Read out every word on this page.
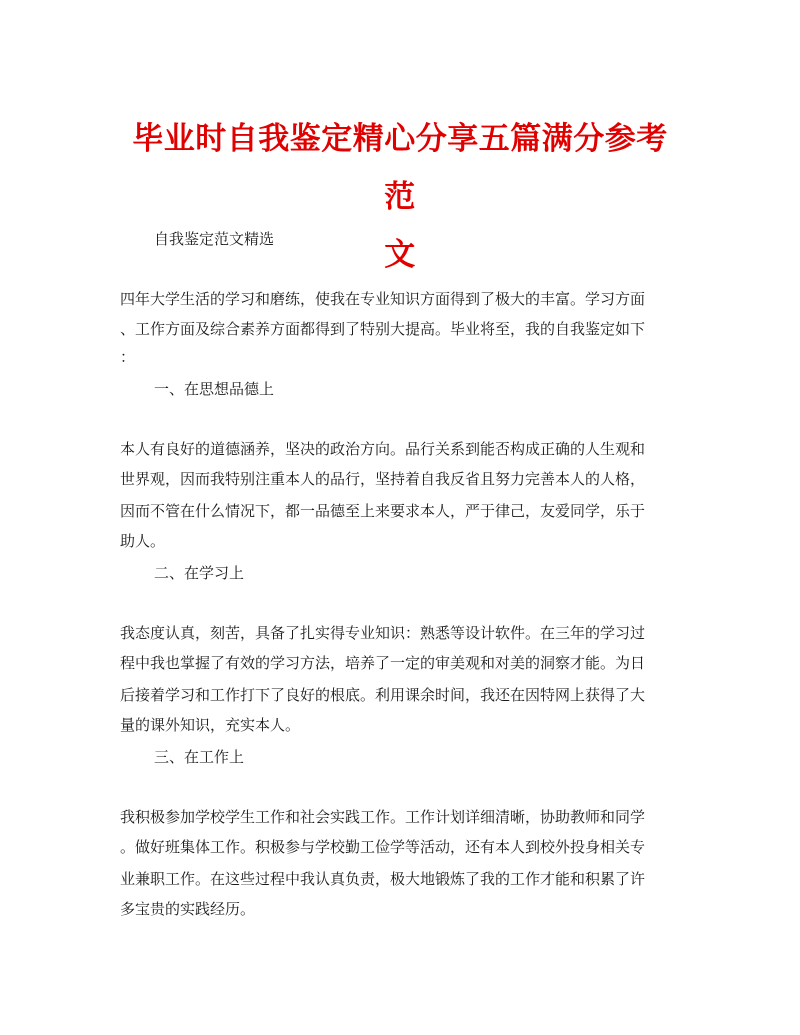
毕业时自我鉴定精心分享五篇满分参考范
文
自我鉴定范文精选
四年大学生活的学习和磨练，使我在专业知识方面得到了极大的丰富。学习方面
、工作方面及综合素养方面都得到了特别大提高。毕业将至，我的自我鉴定如下
：
一、在思想品德上
本人有良好的道德涵养，坚决的政治方向。品行关系到能否构成正确的人生观和
世界观，因而我特别注重本人的品行，坚持着自我反省且努力完善本人的人格，
因而不管在什么情况下，都一品德至上来要求本人，严于律己，友爱同学，乐于
助人。
二、在学习上
我态度认真，刻苦，具备了扎实得专业知识：熟悉等设计软件。在三年的学习过
程中我也掌握了有效的学习方法，培养了一定的审美观和对美的洞察才能。为日
后接着学习和工作打下了良好的根底。利用课余时间，我还在因特网上获得了大
量的课外知识，充实本人。
三、在工作上
我积极参加学校学生工作和社会实践工作。工作计划详细清晰，协助教师和同学
。做好班集体工作。积极参与学校勤工俭学等活动，还有本人到校外投身相关专
业兼职工作。在这些过程中我认真负责，极大地锻炼了我的工作才能和积累了许
多宝贵的实践经历。
